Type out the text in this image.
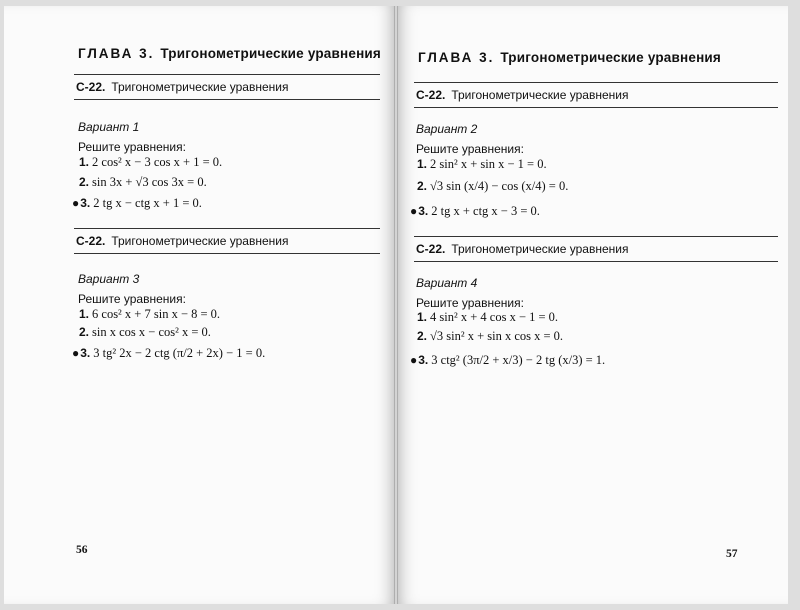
ГЛАВА 3. Тригонометрические уравнения
С-22. Тригонометрические уравнения
Вариант 1
Решите уравнения:
1. 2 cos² x − 3 cos x + 1 = 0.
2. sin 3x + √3 cos 3x = 0.
●3. 2 tg x − ctg x + 1 = 0.
С-22. Тригонометрические уравнения
Вариант 3
Решите уравнения:
1. 6 cos² x + 7 sin x − 8 = 0.
2. sin x cos x − cos² x = 0.
●3. 3 tg² 2x − 2 ctg (π/2 + 2x) − 1 = 0.
56
ГЛАВА 3. Тригонометрические уравнения
С-22. Тригонометрические уравнения
Вариант 2
Решите уравнения:
1. 2 sin² x + sin x − 1 = 0.
2. √3 sin (x/4) − cos (x/4) = 0.
●3. 2 tg x + ctg x − 3 = 0.
С-22. Тригонометрические уравнения
Вариант 4
Решите уравнения:
1. 4 sin² x + 4 cos x − 1 = 0.
2. √3 sin² x + sin x cos x = 0.
●3. 3 ctg² (3π/2 + x/3) − 2 tg (x/3) = 1.
57
